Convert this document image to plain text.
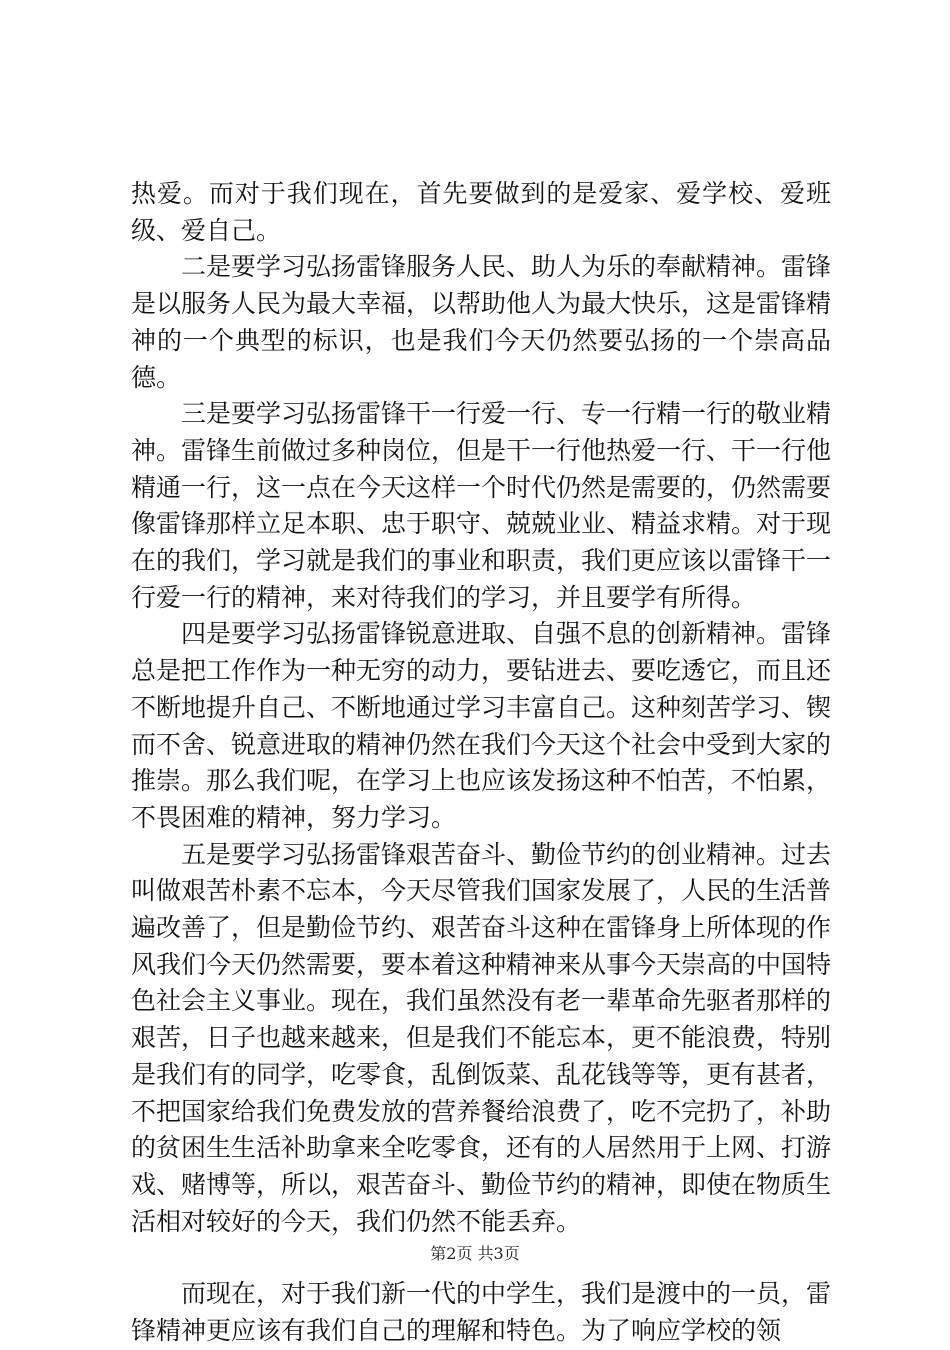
热爱。而对于我们现在，首先要做到的是爱家、爱学校、爱班级、爱自己。

二是要学习弘扬雷锋服务人民、助人为乐的奉献精神。雷锋是以服务人民为最大幸福，以帮助他人为最大快乐，这是雷锋精神的一个典型的标识，也是我们今天仍然要弘扬的一个崇高品德。

三是要学习弘扬雷锋干一行爱一行、专一行精一行的敬业精神。雷锋生前做过多种岗位，但是干一行他热爱一行、干一行他精通一行，这一点在今天这样一个时代仍然是需要的，仍然需要像雷锋那样立足本职、忠于职守、兢兢业业、精益求精。对于现在的我们，学习就是我们的事业和职责，我们更应该以雷锋干一行爱一行的精神，来对待我们的学习，并且要学有所得。

四是要学习弘扬雷锋锐意进取、自强不息的创新精神。雷锋总是把工作作为一种无穷的动力，要钻进去、要吃透它，而且还不断地提升自己、不断地通过学习丰富自己。这种刻苦学习、锲而不舍、锐意进取的精神仍然在我们今天这个社会中受到大家的推崇。那么我们呢，在学习上也应该发扬这种不怕苦，不怕累，不畏困难的精神，努力学习。

五是要学习弘扬雷锋艰苦奋斗、勤俭节约的创业精神。过去叫做艰苦朴素不忘本，今天尽管我们国家发展了，人民的生活普遍改善了，但是勤俭节约、艰苦奋斗这种在雷锋身上所体现的作风我们今天仍然需要，要本着这种精神来从事今天崇高的中国特色社会主义事业。现在，我们虽然没有老一辈革命先驱者那样的艰苦，日子也越来越来，但是我们不能忘本，更不能浪费，特别是我们有的同学，吃零食，乱倒饭菜、乱花钱等等，更有甚者，不把国家给我们免费发放的营养餐给浪费了，吃不完扔了，补助的贫困生生活补助拿来全吃零食，还有的人居然用于上网、打游戏、赌博等，所以，艰苦奋斗、勤俭节约的精神，即使在物质生活相对较好的今天，我们仍然不能丢弃。

而现在，对于我们新一代的中学生，我们是渡中的一员，雷锋精神更应该有我们自己的理解和特色。为了响应学校的领

第2页 共3页
